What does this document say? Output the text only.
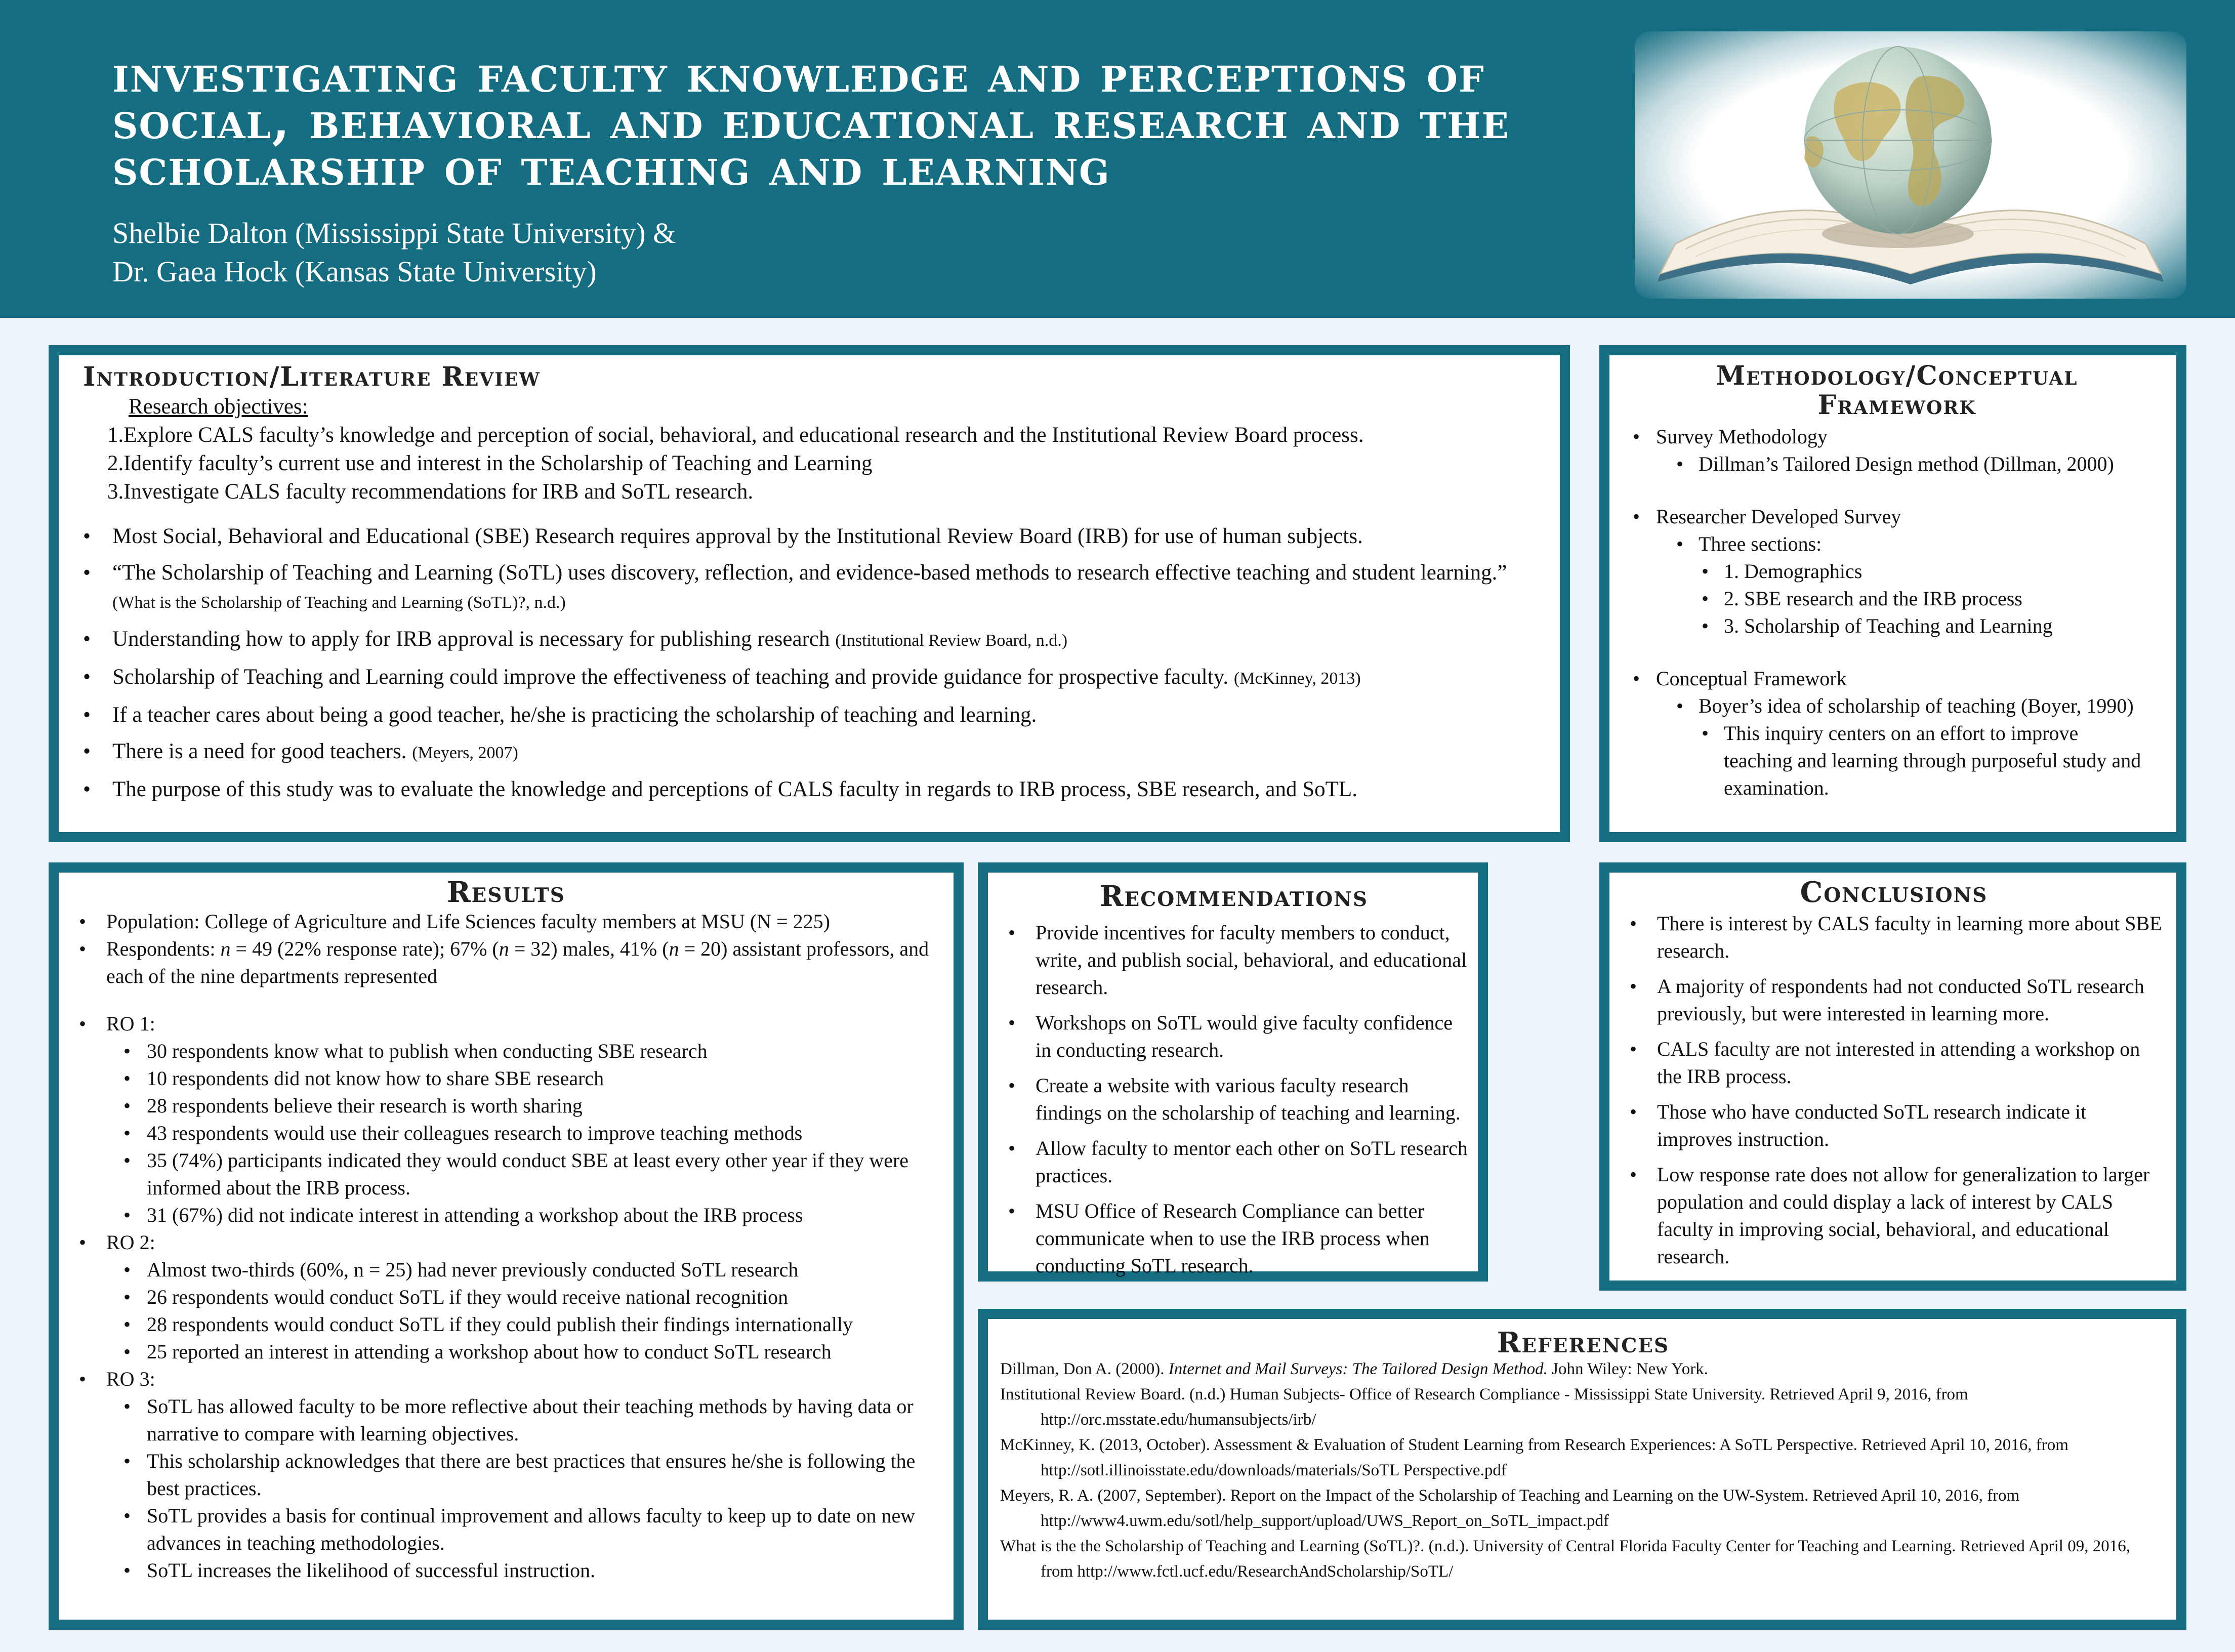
investigating faculty knowledge and perceptions of social, behavioral and educational research and the scholarship of teaching and learning
Shelbie Dalton (Mississippi State University) &
Dr. Gaea Hock (Kansas State University)
Introduction/Literature Review
Research objectives:
1.Explore CALS faculty’s knowledge and perception of social, behavioral, and educational research and the Institutional Review Board process.
2.Identify faculty’s current use and interest in the Scholarship of Teaching and Learning
3.Investigate CALS faculty recommendations for IRB and SoTL research.
• Most Social, Behavioral and Educational (SBE) Research requires approval by the Institutional Review Board (IRB) for use of human subjects.
• “The Scholarship of Teaching and Learning (SoTL) uses discovery, reflection, and evidence-based methods to research effective teaching and student learning.” (What is the Scholarship of Teaching and Learning (SoTL)?, n.d.)
• Understanding how to apply for IRB approval is necessary for publishing research (Institutional Review Board, n.d.)
• Scholarship of Teaching and Learning could improve the effectiveness of teaching and provide guidance for prospective faculty. (McKinney, 2013)
• If a teacher cares about being a good teacher, he/she is practicing the scholarship of teaching and learning.
• There is a need for good teachers. (Meyers, 2007)
• The purpose of this study was to evaluate the knowledge and perceptions of CALS faculty in regards to IRB process, SBE research, and SoTL.
Methodology/Conceptual
Framework
• Survey Methodology
• Dillman’s Tailored Design method (Dillman, 2000)
• Researcher Developed Survey
• Three sections:
• 1. Demographics
• 2. SBE research and the IRB process
• 3. Scholarship of Teaching and Learning
• Conceptual Framework
• Boyer’s idea of scholarship of teaching (Boyer, 1990)
• This inquiry centers on an effort to improve teaching and learning through purposeful study and examination.
Results
• Population: College of Agriculture and Life Sciences faculty members at MSU (N = 225)
• Respondents: n = 49 (22% response rate); 67% (n = 32) males, 41% (n = 20) assistant professors, and each of the nine departments represented
• RO 1:
• 30 respondents know what to publish when conducting SBE research
• 10 respondents did not know how to share SBE research
• 28 respondents believe their research is worth sharing
• 43 respondents would use their colleagues research to improve teaching methods
• 35 (74%) participants indicated they would conduct SBE at least every other year if they were informed about the IRB process.
• 31 (67%) did not indicate interest in attending a workshop about the IRB process
• RO 2:
• Almost two-thirds (60%, n = 25) had never previously conducted SoTL research
• 26 respondents would conduct SoTL if they would receive national recognition
• 28 respondents would conduct SoTL if they could publish their findings internationally
• 25 reported an interest in attending a workshop about how to conduct SoTL research
• RO 3:
• SoTL has allowed faculty to be more reflective about their teaching methods by having data or narrative to compare with learning objectives.
• This scholarship acknowledges that there are best practices that ensures he/she is following the best practices.
• SoTL provides a basis for continual improvement and allows faculty to keep up to date on new advances in teaching methodologies.
• SoTL increases the likelihood of successful instruction.
Recommendations
• Provide incentives for faculty members to conduct, write, and publish social, behavioral, and educational research.
• Workshops on SoTL would give faculty confidence in conducting research.
• Create a website with various faculty research findings on the scholarship of teaching and learning.
• Allow faculty to mentor each other on SoTL research practices.
• MSU Office of Research Compliance can better communicate when to use the IRB process when conducting SoTL research.
Conclusions
• There is interest by CALS faculty in learning more about SBE research.
• A majority of respondents had not conducted SoTL research previously, but were interested in learning more.
• CALS faculty are not interested in attending a workshop on the IRB process.
• Those who have conducted SoTL research indicate it improves instruction.
• Low response rate does not allow for generalization to larger population and could display a lack of interest by CALS faculty in improving social, behavioral, and educational research.
References

Dillman, Don A. (2000). Internet and Mail Surveys: The Tailored Design Method. John Wiley: New York.

Institutional Review Board. (n.d.) Human Subjects- Office of Research Compliance - Mississippi State University. Retrieved April 9, 2016, from http://orc.msstate.edu/humansubjects/irb/

McKinney, K. (2013, October). Assessment & Evaluation of Student Learning from Research Experiences: A SoTL Perspective. Retrieved April 10, 2016, from http://sotl.illinoisstate.edu/downloads/materials/SoTL Perspective.pdf

Meyers, R. A. (2007, September). Report on the Impact of the Scholarship of Teaching and Learning on the UW-System. Retrieved April 10, 2016, from http://www4.uwm.edu/sotl/help_support/upload/UWS_Report_on_SoTL_impact.pdf

What is the the Scholarship of Teaching and Learning (SoTL)?. (n.d.). University of Central Florida Faculty Center for Teaching and Learning. Retrieved April 09, 2016, from http://www.fctl.ucf.edu/ResearchAndScholarship/SoTL/
